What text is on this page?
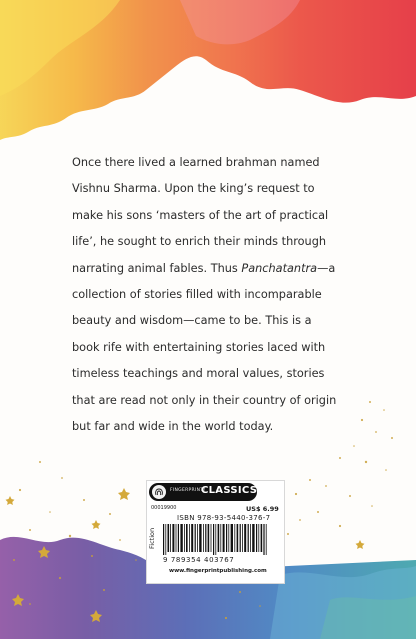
Once there lived a learned brahman named
Vishnu Sharma. Upon the king’s request to
make his sons ‘masters of the art of practical
life’, he sought to enrich their minds through
narrating animal fables. Thus Panchatantra—a
collection of stories filled with incomparable
beauty and wisdom—came to be. This is a
book rife with entertaining stories laced with
timeless teachings and moral values, stories
that are read not only in their country of origin
but far and wide in the world today.

FINGERPRINT!
CLASSICS
00019900	US$ 6.99
ISBN 978-93-5440-376-7
Fiction
9 789354 403767
www.fingerprintpublishing.com
